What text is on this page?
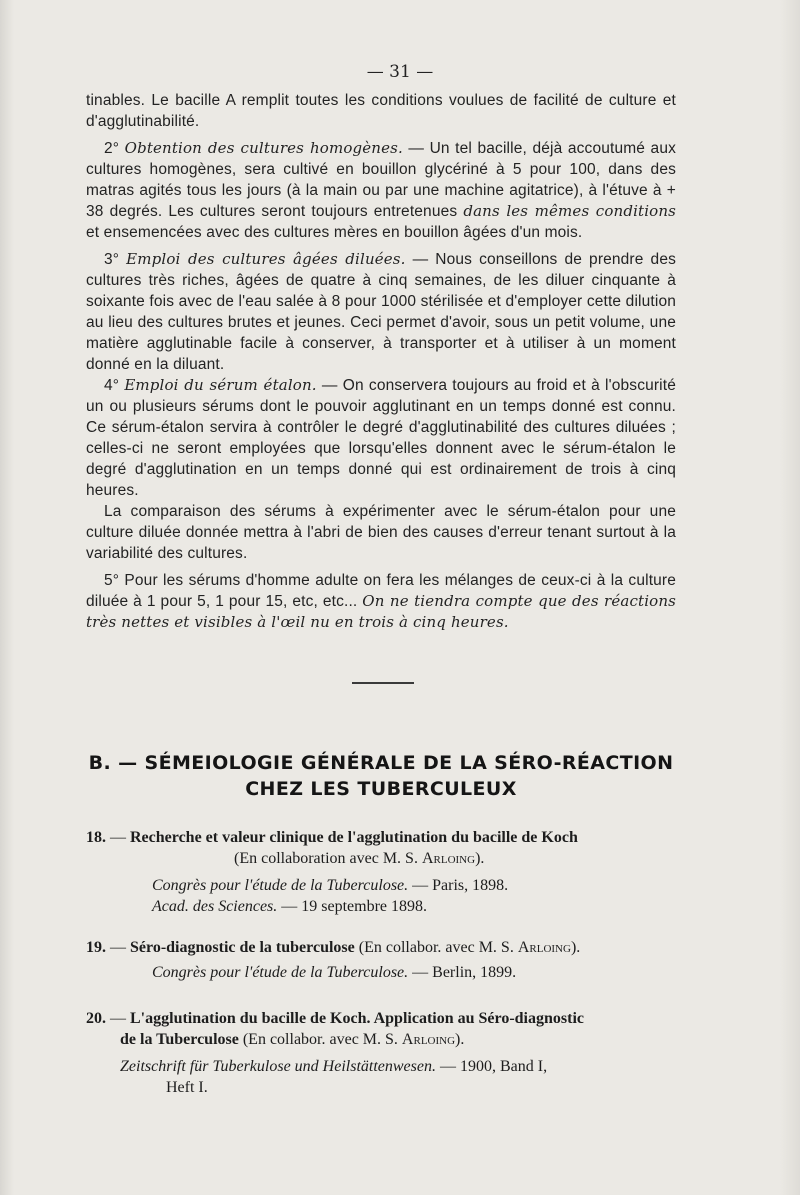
— 31 —

tinables. Le bacille A remplit toutes les conditions voulues de facilité de culture et d'agglutinabilité.

2° Obtention des cultures homogènes. — Un tel bacille, déjà accoutumé aux cultures homogènes, sera cultivé en bouillon glycériné à 5 pour 100, dans des matras agités tous les jours (à la main ou par une machine agitatrice), à l'étuve à + 38 degrés. Les cultures seront toujours entretenues dans les mêmes conditions et ensemencées avec des cultures mères en bouillon âgées d'un mois.

3° Emploi des cultures âgées diluées. — Nous conseillons de prendre des cultures très riches, âgées de quatre à cinq semaines, de les diluer cinquante à soixante fois avec de l'eau salée à 8 pour 1000 stérilisée et d'employer cette dilution au lieu des cultures brutes et jeunes. Ceci permet d'avoir, sous un petit volume, une matière agglutinable facile à conserver, à transporter et à utiliser à un moment donné en la diluant.

4° Emploi du sérum étalon. — On conservera toujours au froid et à l'obscurité un ou plusieurs sérums dont le pouvoir agglutinant en un temps donné est connu. Ce sérum-étalon servira à contrôler le degré d'agglutinabilité des cultures diluées ; celles-ci ne seront employées que lorsqu'elles donnent avec le sérum-étalon le degré d'agglutination en un temps donné qui est ordinairement de trois à cinq heures.

La comparaison des sérums à expérimenter avec le sérum-étalon pour une culture diluée donnée mettra à l'abri de bien des causes d'erreur tenant surtout à la variabilité des cultures.

5° Pour les sérums d'homme adulte on fera les mélanges de ceux-ci à la culture diluée à 1 pour 5, 1 pour 15, etc, etc... On ne tiendra compte que des réactions très nettes et visibles à l'œil nu en trois à cinq heures.

B. — SÉMEIOLOGIE GÉNÉRALE DE LA SÉRO-RÉACTION
CHEZ LES TUBERCULEUX
18. — Recherche et valeur clinique de l'agglutination du bacille de Koch
(En collaboration avec M. S. Arloing).
Congrès pour l'étude de la Tuberculose. — Paris, 1898.
Acad. des Sciences. — 19 septembre 1898.
19. — Séro-diagnostic de la tuberculose (En collabor. avec M. S. Arloing).
Congrès pour l'étude de la Tuberculose. — Berlin, 1899.
20. — L'agglutination du bacille de Koch. Application au Séro-diagnostic
de la Tuberculose (En collabor. avec M. S. Arloing).
Zeitschrift für Tuberkulose und Heilstättenwesen. — 1900, Band I,
Heft I.
